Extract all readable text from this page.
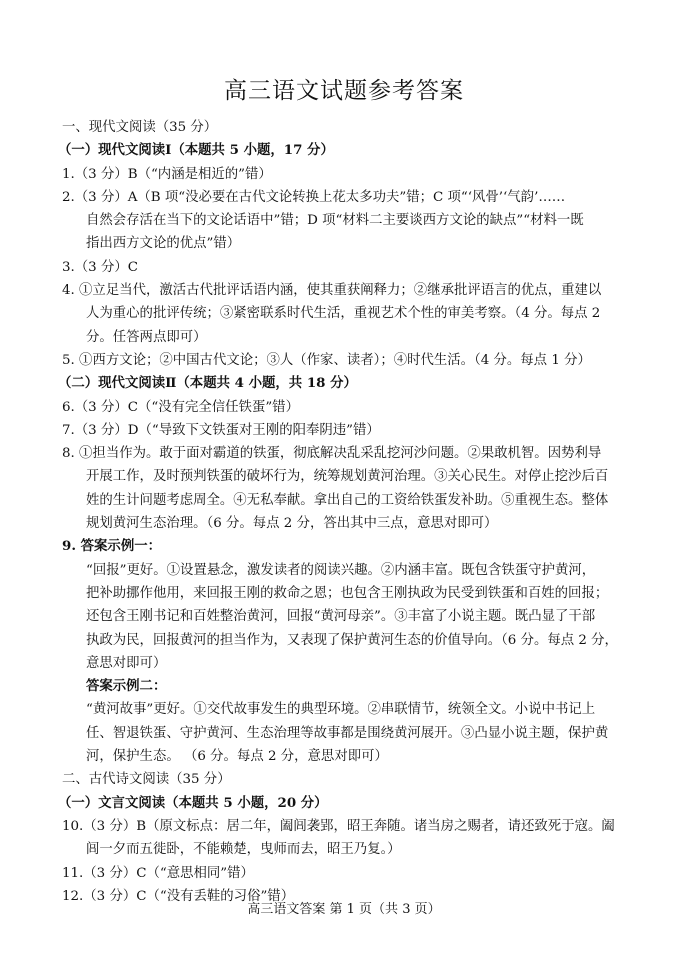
高三语文试题参考答案
一、现代文阅读（35 分）
（一）现代文阅读Ⅰ（本题共 5 小题，17 分）
1.（3 分）B（“内涵是相近的”错）
2.（3 分）A（B 项“没必要在古代文论转换上花太多功夫”错；C 项“‘风骨’‘气韵’……
自然会存活在当下的文论话语中”错；D 项“材料二主要谈西方文论的缺点”“材料一既
指出西方文论的优点”错）
3.（3 分）C
4. ①立足当代，激活古代批评话语内涵，使其重获阐释力；②继承批评语言的优点，重建以
人为重心的批评传统；③紧密联系时代生活，重视艺术个性的审美考察。（4 分。每点 2
分。任答两点即可）
5. ①西方文论；②中国古代文论；③人（作家、读者）；④时代生活。（4 分。每点 1 分）
（二）现代文阅读Ⅱ（本题共 4 小题，共 18 分）
6.（3 分）C（“没有完全信任铁蛋”错）
7.（3 分）D（“导致下文铁蛋对王刚的阳奉阴违”错）
8. ①担当作为。敢于面对霸道的铁蛋，彻底解决乱采乱挖河沙问题。②果敢机智。因势利导
开展工作，及时预判铁蛋的破坏行为，统筹规划黄河治理。③关心民生。对停止挖沙后百
姓的生计问题考虑周全。④无私奉献。拿出自己的工资给铁蛋发补助。⑤重视生态。整体
规划黄河生态治理。（6 分。每点 2 分，答出其中三点，意思对即可）
9. 答案示例一：
“回报”更好。①设置悬念，激发读者的阅读兴趣。②内涵丰富。既包含铁蛋守护黄河，
把补助挪作他用，来回报王刚的救命之恩；也包含王刚执政为民受到铁蛋和百姓的回报；
还包含王刚书记和百姓整治黄河，回报“黄河母亲”。③丰富了小说主题。既凸显了干部
执政为民，回报黄河的担当作为，又表现了保护黄河生态的价值导向。（6 分。每点 2 分，
意思对即可）
答案示例二：
“黄河故事”更好。①交代故事发生的典型环境。②串联情节，统领全文。小说中书记上
任、智退铁蛋、守护黄河、生态治理等故事都是围绕黄河展开。③凸显小说主题，保护黄
河，保护生态。 （6 分。每点 2 分，意思对即可）
二、古代诗文阅读（35 分）
（一）文言文阅读（本题共 5 小题，20 分）
10.（3 分）B（原文标点：居二年，阖闾袭郢，昭王奔随。诸当房之赐者，请还致死于寇。阖
闾一夕而五徙卧，不能赖楚，曳师而去，昭王乃复。）
11.（3 分）C（“意思相同”错）
12.（3 分）C（“没有丢鞋的习俗”错）
高三语文答案 第 1 页（共 3 页）
